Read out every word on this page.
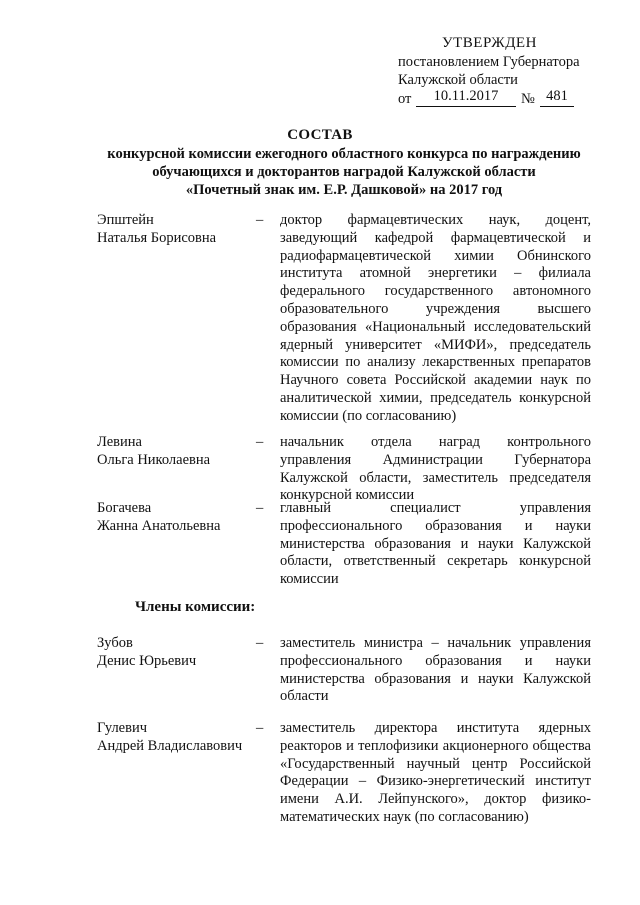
УТВЕРЖДЕН
постановлением Губернатора
Калужской области
от	10.11.2017	№ 481
СОСТАВ
конкурсной комиссии ежегодного областного конкурса по награждению
обучающихся и докторантов наградой Калужской области
«Почетный знак им. Е.Р. Дашковой» на 2017 год
Эпштейн
Наталья Борисовна
– доктор фармацевтических наук, доцент, заведующий кафедрой фармацевтической и радиофармацевтической химии Обнинского института атомной энергетики – филиала федерального государственного автономного образовательного учреждения высшего образования «Национальный исследовательский ядерный университет «МИФИ», председатель комиссии по анализу лекарственных препаратов Научного совета Российской академии наук по аналитической химии, председатель конкурсной комиссии (по согласованию)
Левина
Ольга Николаевна
– начальник отдела наград контрольного управления Администрации Губернатора Калужской области, заместитель председателя конкурсной комиссии
Богачева
Жанна Анатольевна
– главный специалист управления профессионального образования и науки министерства образования и науки Калужской области, ответственный секретарь конкурсной комиссии
Члены комиссии:
Зубов
Денис Юрьевич
– заместитель министра – начальник управления профессионального образования и науки министерства образования и науки Калужской области
Гулевич
Андрей Владиславович
– заместитель директора института ядерных реакторов и теплофизики акционерного общества «Государственный научный центр Российской Федерации – Физико-энергетический институт имени А.И. Лейпунского», доктор физико-математических наук (по согласованию)
